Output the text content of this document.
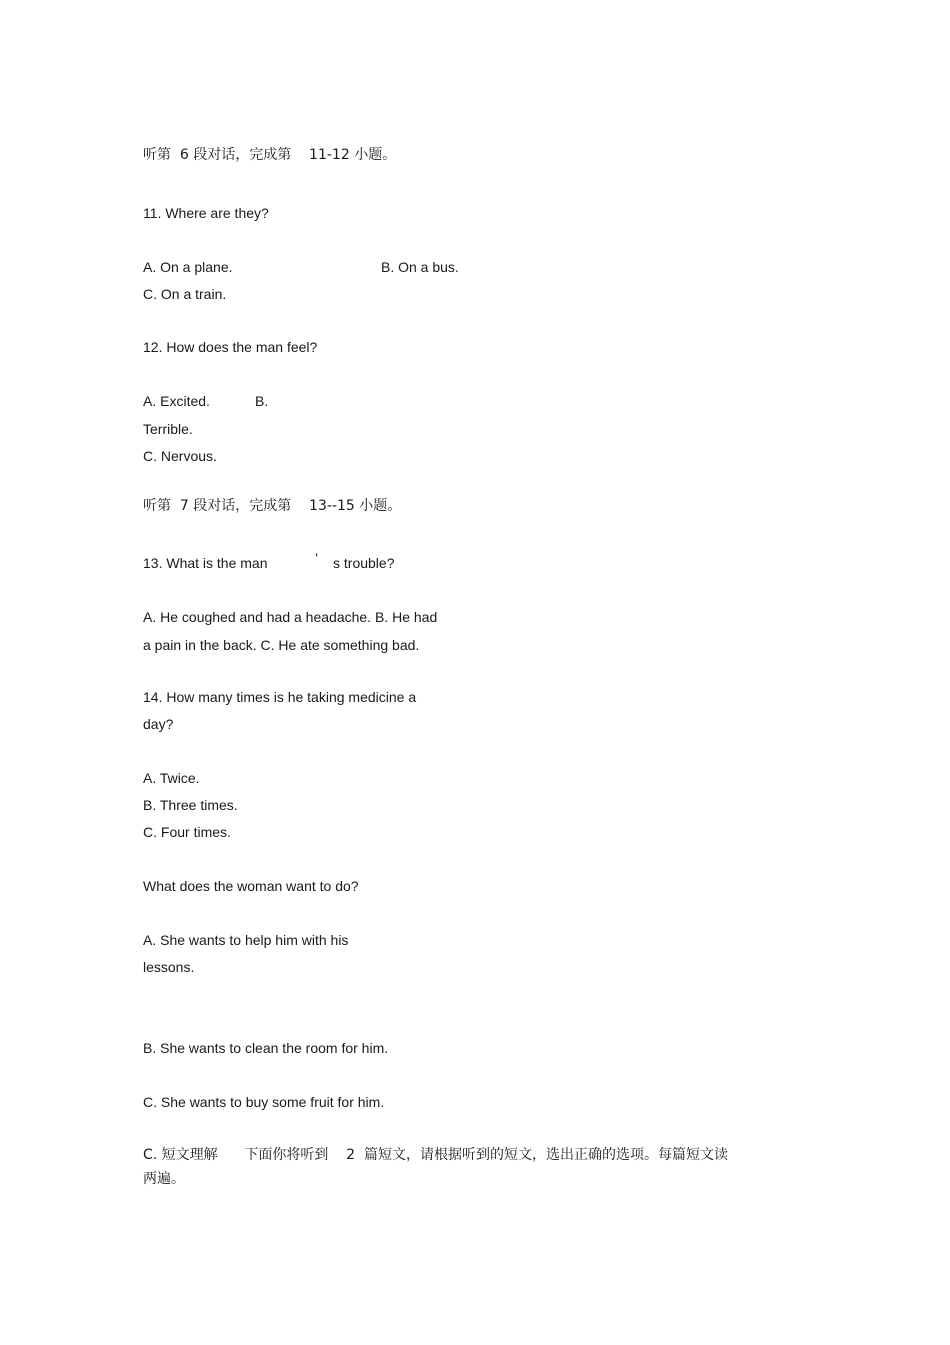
听第  6 段对话，完成第    11-12 小题。
11. Where are they?
A. On a plane.	B. On a bus.
C. On a train.
12. How does the man feel?
A. Excited.	B.
Terrible.
C. Nervous.
听第  7 段对话，完成第    13--15 小题。
13. What is the man	’ s trouble?
A. He coughed and had a headache. B. He had
a pain in the back. C. He ate something bad.
14. How many times is he taking medicine a
day?
A. Twice.
B. Three times.
C. Four times.
What does the woman want to do?
A. She wants to help him with his
lessons.
B. She wants to clean the room for him.
C. She wants to buy some fruit for him.
C. 短文理解      下面你将听到    2  篇短文，请根据听到的短文，选出正确的选项。每篇短文读
两遍。
